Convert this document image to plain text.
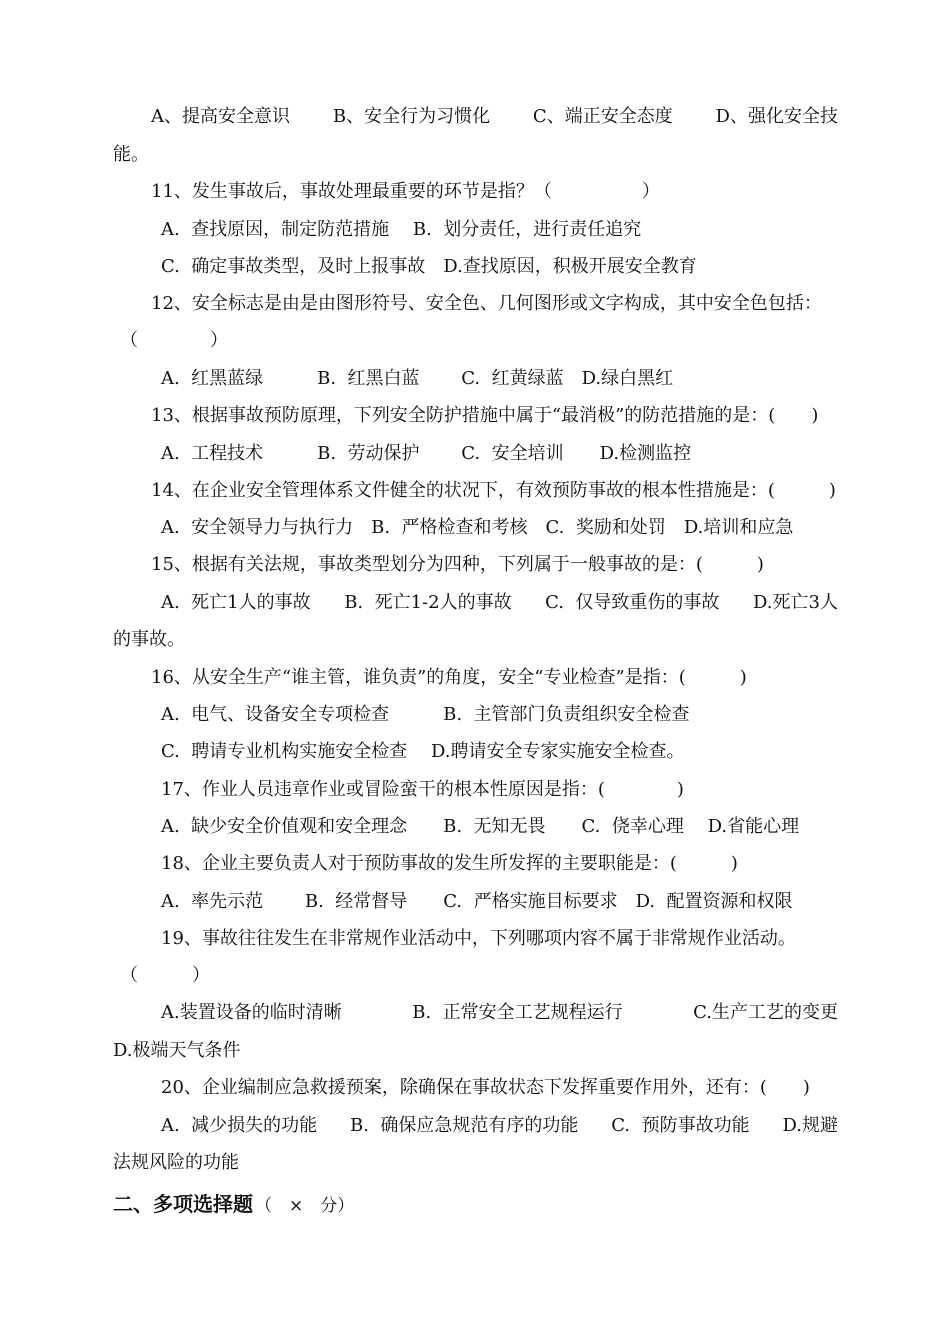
A、提高安全意识 B、安全行为习惯化 C、端正安全态度 D、强化安全技
能。
11、发生事故后，事故处理最重要的环节是指？（　　　　　）
A.  查找原因，制定防范措施　 B.  划分责任，进行责任追究
C.  确定事故类型，及时上报事故　D.查找原因，积极开展安全教育
12、安全标志是由是由图形符号、安全色、几何图形或文字构成，其中安全色包括：
（　　　　）
A.  红黑蓝绿　　　B.  红黑白蓝　　 C.  红黄绿蓝　D.绿白黑红
13、根据事故预防原理，下列安全防护措施中属于“最消极”的防范措施的是：(　　)
A.  工程技术　　　B.  劳动保护　　 C.  安全培训　　D.检测监控
14、在企业安全管理体系文件健全的状况下，有效预防事故的根本性措施是：(　　　)
A.  安全领导力与执行力　B.  严格检查和考核　C.  奖励和处罚　D.培训和应急
15、根据有关法规，事故类型划分为四种，下列属于一般事故的是：(　　　)
A.  死亡1人的事故 B.  死亡1-2人的事故 C.  仅导致重伤的事故 D.死亡3人
的事故。
16、从安全生产“谁主管，谁负责”的角度，安全“专业检查”是指：(　　　)
A.  电气、设备安全专项检查　　　B.  主管部门负责组织安全检查
C.  聘请专业机构实施安全检查　 D.聘请安全专家实施安全检查。
17、作业人员违章作业或冒险蛮干的根本性原因是指：(　　　　)
A.  缺少安全价值观和安全理念　　B.  无知无畏　　C.  侥幸心理　 D.省能心理
18、企业主要负责人对于预防事故的发生所发挥的主要职能是：(　　　)
A.  率先示范　　 B.  经常督导　　C.  严格实施目标要求　D.  配置资源和权限
19、事故往往发生在非常规作业活动中，下列哪项内容不属于非常规作业活动。
（　　　）
A.装置设备的临时清晰	B.  正常安全工艺规程运行	C.生产工艺的变更
D.极端天气条件
20、企业编制应急救援预案，除确保在事故状态下发挥重要作用外，还有：(　　)
A.  减少损失的功能 B.  确保应急规范有序的功能 C.  预防事故功能 D.规避
法规风险的功能
二、多项选择题 （　×　分）
